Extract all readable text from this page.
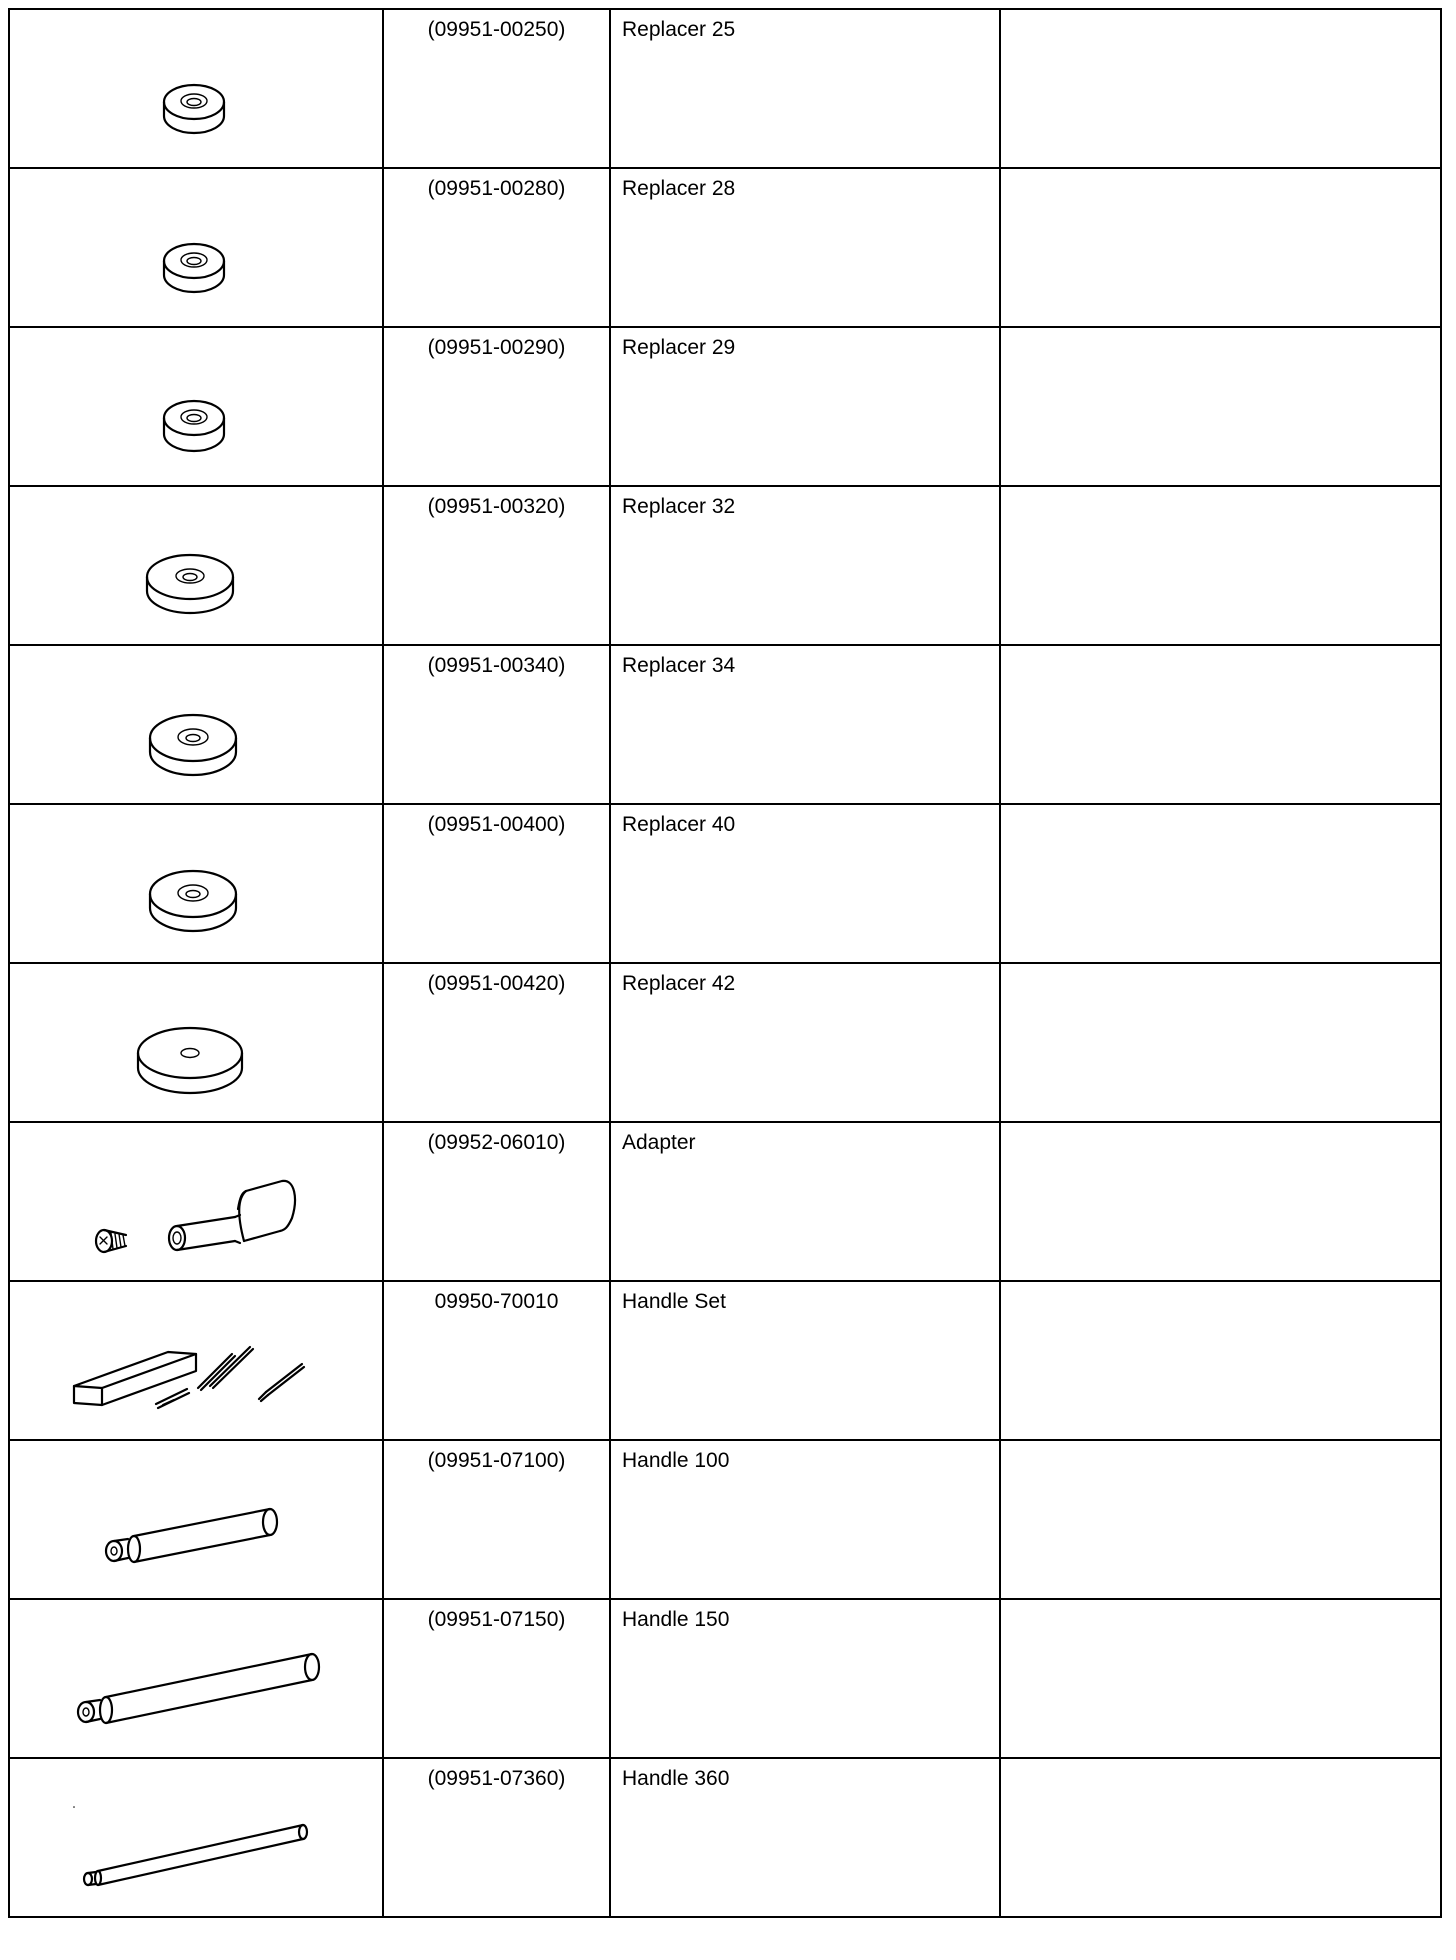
(09951-00250)	Replacer 25	

(09951-00280)	Replacer 28	

(09951-00290)	Replacer 29	

(09951-00320)	Replacer 32	

(09951-00340)	Replacer 34	

(09951-00400)	Replacer 40	

(09951-00420)	Replacer 42	

(09952-06010)	Adapter	

09950-70010	Handle Set	

(09951-07100)	Handle 100	

(09951-07150)	Handle 150	

(09951-07360)	Handle 360	
